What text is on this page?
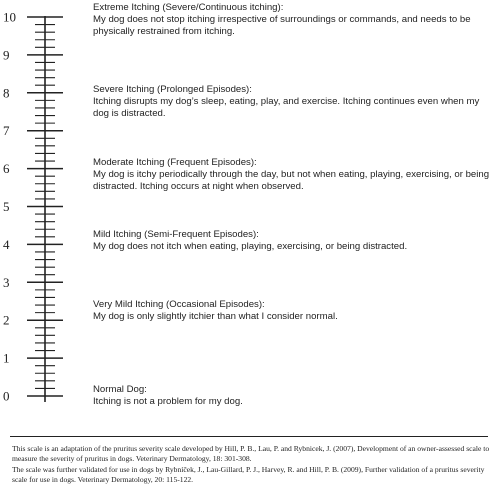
0
1
2
3
4
5
6
7
8
9
10
Extreme Itching (Severe/Continuous itching):
My dog does not stop itching irrespective of surroundings or commands, and needs to be physically restrained from itching.
Severe Itching (Prolonged Episodes):
Itching disrupts my dog’s sleep, eating, play, and exercise. Itching continues even when my dog is distracted.
Moderate Itching (Frequent Episodes):
My dog is itchy periodically through the day, but not when eating, playing, exercising, or being distracted. Itching occurs at night when observed.
Mild Itching (Semi-Frequent Episodes):
My dog does not itch when eating, playing, exercising, or being distracted.
Very Mild Itching (Occasional Episodes):
My dog is only slightly itchier than what I consider normal.
Normal Dog:
Itching is not a problem for my dog.
This scale is an adaptation of the pruritus severity scale developed by Hill, P. B., Lau, P. and Rybnicek, J. (2007), Development of an owner-assessed scale to measure the severity of pruritus in dogs. Veterinary Dermatology, 18: 301-308.
The scale was further validated for use in dogs by Rybníček, J., Lau-Gillard, P. J., Harvey, R. and Hill, P. B. (2009), Further validation of a pruritus severity scale for use in dogs. Veterinary Dermatology, 20: 115-122.
